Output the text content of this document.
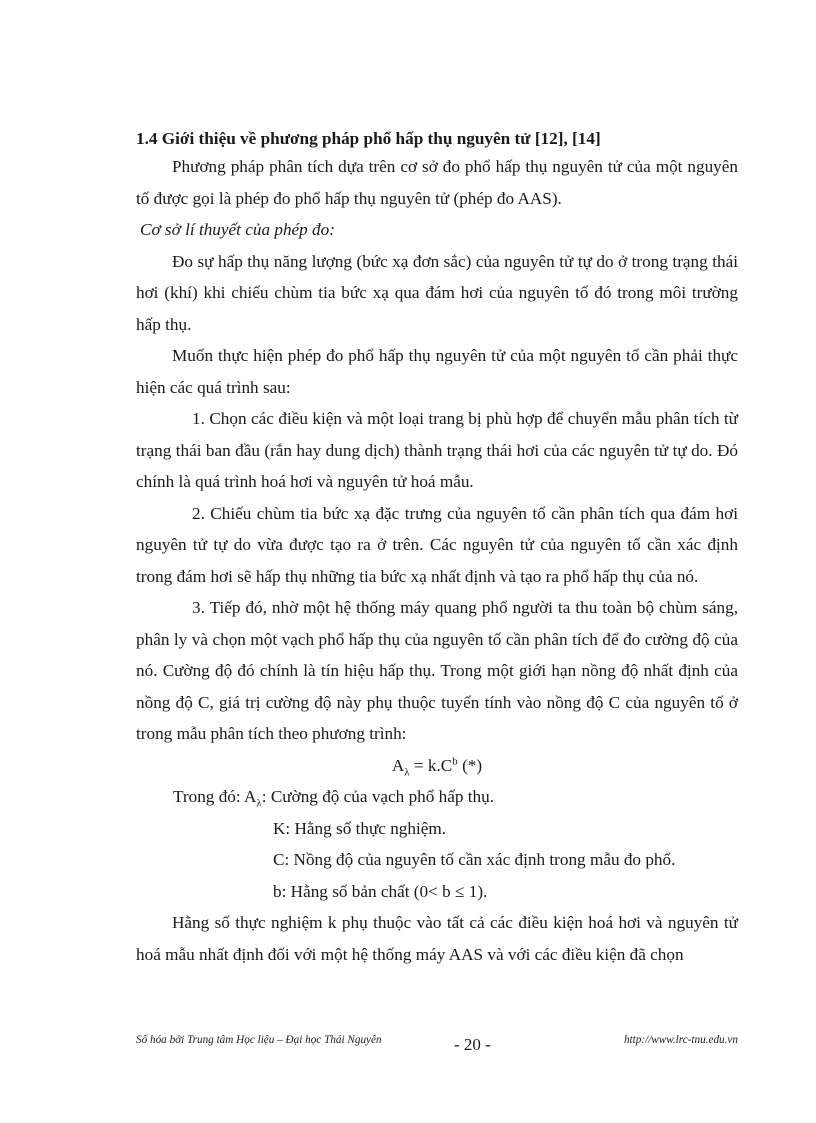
1.4 Giới thiệu về phương pháp phổ hấp thụ nguyên tử [12], [14]

Phương pháp phân tích dựa trên cơ sở đo phổ hấp thụ nguyên tử của một nguyên tố được gọi là phép đo phổ hấp thụ nguyên tử (phép đo AAS).

Cơ sở lí thuyết của phép đo:

Đo sự hấp thụ năng lượng (bức xạ đơn sắc) của nguyên tử tự do ở trong trạng thái hơi (khí) khi chiếu chùm tia bức xạ qua đám hơi của nguyên tố đó trong môi trường hấp thụ.

Muốn thực hiện phép đo phổ hấp thụ nguyên tử của một nguyên tố cần phải thực hiện các quá trình sau:

1. Chọn các điều kiện và một loại trang bị phù hợp để chuyển mẫu phân tích từ trạng thái ban đầu (rắn hay dung dịch) thành trạng thái hơi của các nguyên tử tự do. Đó chính là quá trình hoá hơi và nguyên tử hoá mẫu.

2. Chiếu chùm tia bức xạ đặc trưng của nguyên tố cần phân tích qua đám hơi nguyên tử tự do vừa được tạo ra ở trên. Các nguyên tử của nguyên tố cần xác định trong đám hơi sẽ hấp thụ những tia bức xạ nhất định và tạo ra phổ hấp thụ của nó.

3. Tiếp đó, nhờ một hệ thống máy quang phổ người ta thu toàn bộ chùm sáng, phân ly và chọn một vạch phổ hấp thụ của nguyên tố cần phân tích để đo cường độ của nó. Cường độ đó chính là tín hiệu hấp thụ. Trong một giới hạn nồng độ nhất định của nồng độ C, giá trị cường độ này phụ thuộc tuyến tính vào nồng độ C của nguyên tố ở trong mẫu phân tích theo phương trình:

$A_\lambda = k.C^b$ (*)

Trong đó: $A_\lambda$: Cường độ của vạch phổ hấp thụ.

K: Hằng số thực nghiệm.

C: Nồng độ của nguyên tố cần xác định trong mẫu đo phổ.

b: Hằng số bản chất (0< b ≤ 1).

Hằng số thực nghiệm k phụ thuộc vào tất cả các điều kiện hoá hơi và nguyên tử hoá mẫu nhất định đối với một hệ thống máy AAS và với các điều kiện đã chọn

Số hóa bởi Trung tâm Học liệu – Đại học Thái Nguyên	- 20 -	http://www.lrc-tnu.edu.vn
